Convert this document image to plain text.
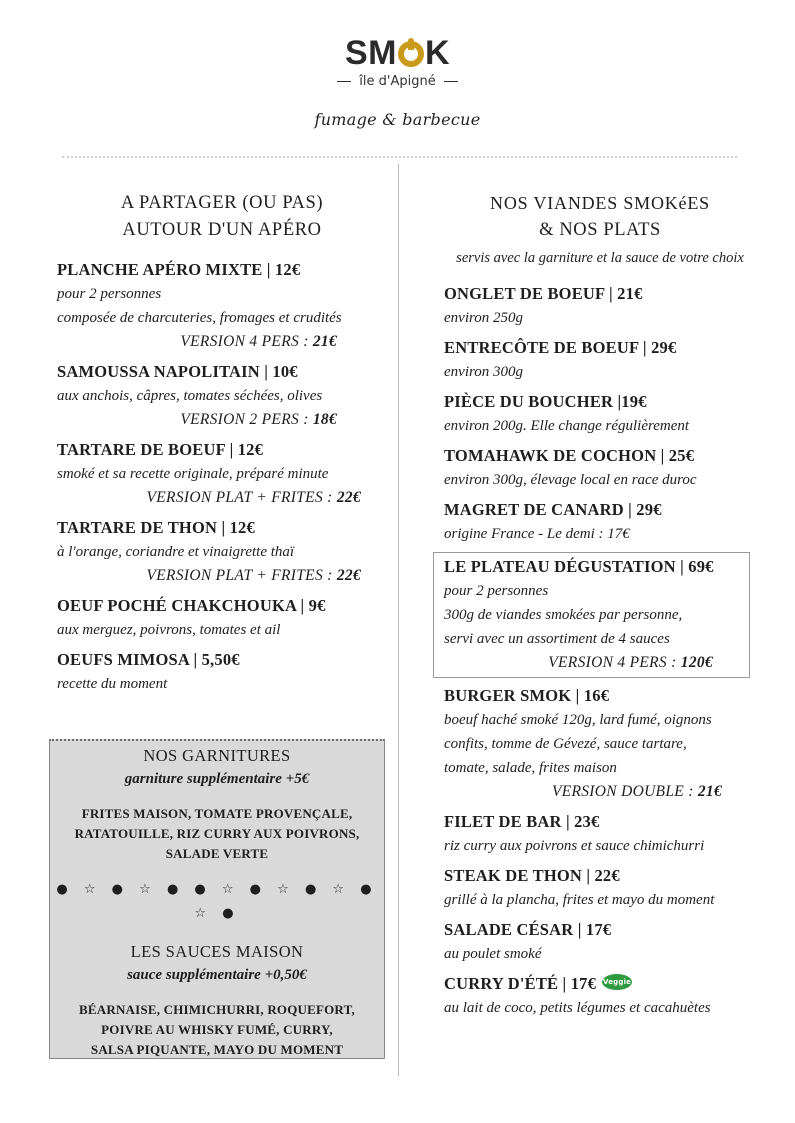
SM K
île d'Apigné
fumage & barbecue
A PARTAGER (OU PAS)
AUTOUR D'UN APÉRO
PLANCHE APÉRO MIXTE | 12€
pour 2 personnes
composée de charcuteries, fromages et crudités
VERSION 4 PERS : 21€
SAMOUSSA NAPOLITAIN | 10€
aux anchois, câpres, tomates séchées, olives
VERSION 2 PERS : 18€
TARTARE DE BOEUF | 12€
smoké et sa recette originale, préparé minute
VERSION PLAT + FRITES : 22€
TARTARE DE THON | 12€
à l'orange, coriandre et vinaigrette thaï
VERSION PLAT + FRITES : 22€
OEUF POCHÉ CHAKCHOUKA | 9€
aux merguez, poivrons, tomates et ail
OEUFS MIMOSA | 5,50€
recette du moment
NOS GARNITURES
garniture supplémentaire +5€
FRITES MAISON, TOMATE PROVENÇALE,
RATATOUILLE, RIZ CURRY AUX POIVRONS,
SALADE VERTE
● ☆ ● ☆ ● ● ☆ ● ☆ ● ☆ ● ☆ ●
LES SAUCES MAISON
sauce supplémentaire +0,50€
BÉARNAISE, CHIMICHURRI, ROQUEFORT,
POIVRE AU WHISKY FUMÉ, CURRY,
SALSA PIQUANTE, MAYO DU MOMENT
NOS VIANDES SMOKéES
& NOS PLATS
servis avec la garniture et la sauce de votre choix
ONGLET DE BOEUF | 21€
environ 250g
ENTRECÔTE DE BOEUF | 29€
environ 300g
PIÈCE DU BOUCHER |19€
environ 200g. Elle change régulièrement
TOMAHAWK DE COCHON | 25€
environ 300g, élevage local en race duroc
MAGRET DE CANARD | 29€
origine France - Le demi : 17€
LE PLATEAU DÉGUSTATION | 69€
pour 2 personnes
300g de viandes smokées par personne,
servi avec un assortiment de 4 sauces
VERSION 4 PERS : 120€
BURGER SMOK | 16€
boeuf haché smoké 120g, lard fumé, oignons
confits, tomme de Gévezé, sauce tartare,
tomate, salade, frites maison
VERSION DOUBLE : 21€
FILET DE BAR | 23€
riz curry aux poivrons et sauce chimichurri
STEAK DE THON | 22€
grillé à la plancha, frites et mayo du moment
SALADE CÉSAR | 17€
au poulet smoké
CURRY D'ÉTÉ | 17€ Veggie
au lait de coco, petits légumes et cacahuètes
